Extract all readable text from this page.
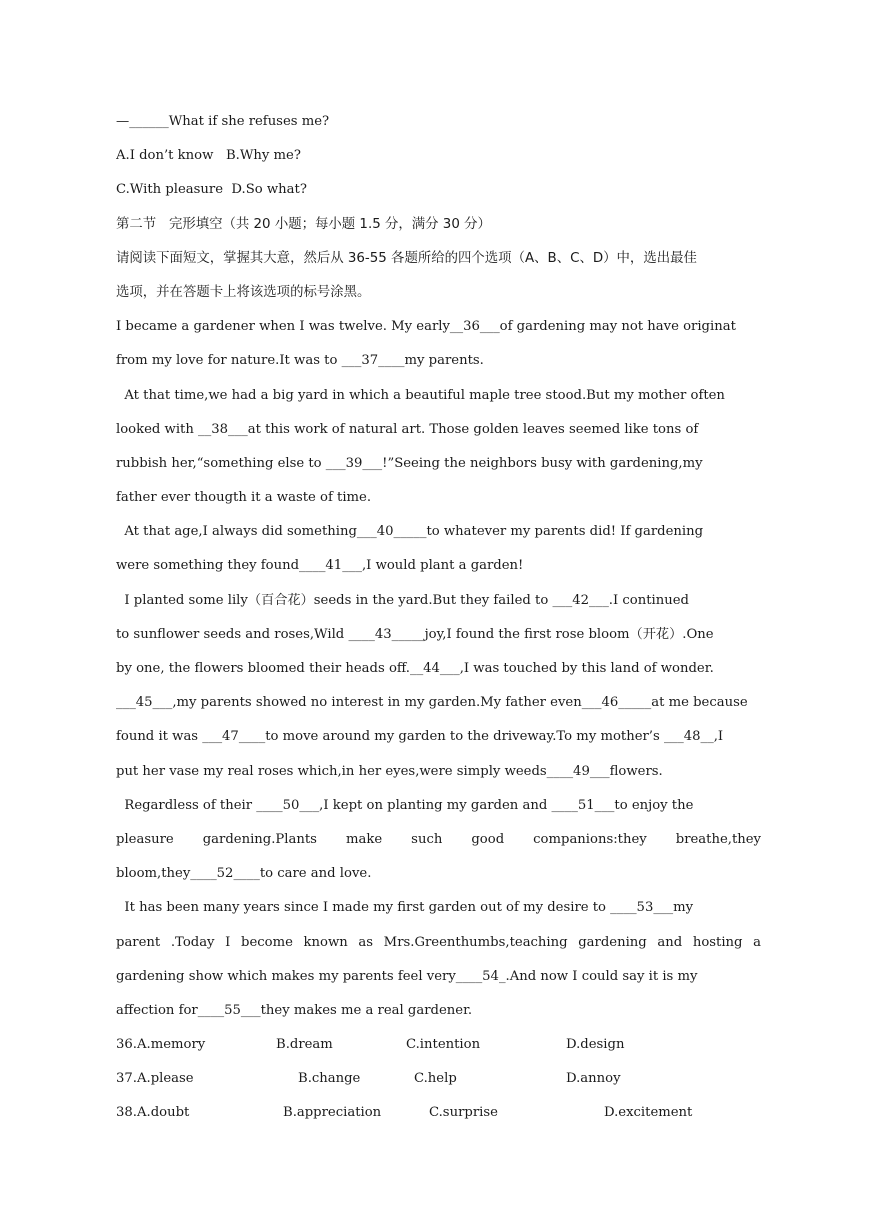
—______What if she refuses me?
A.I don’t know   B.Why me?
C.With pleasure  D.So what?
第二节   完形填空（共 20 小题；每小题 1.5 分，满分 30 分）
请阅读下面短文，掌握其大意，然后从 36-55 各题所给的四个选项（A、B、C、D）中，选出最佳
选项，并在答题卡上将该选项的标号涂黑。
I became a gardener when I was twelve. My early__36___of gardening may not have originat
from my love for nature.It was to ___37____my parents.
At that time,we had a big yard in which a beautiful maple tree stood.But my mother often
looked with __38___at this work of natural art. Those golden leaves seemed like tons of
rubbish her,“something else to ___39___!”Seeing the neighbors busy with gardening,my
father ever thougth it a waste of time.
At that age,I always did something___40_____to whatever my parents did! If gardening
were something they found____41___,I would plant a garden!
I planted some lily（百合花）seeds in the yard.But they failed to ___42___.I continued
to sunflower seeds and roses,Wild ____43_____joy,I found the first rose bloom（开花）.One
by one, the flowers bloomed their heads off.__44___,I was touched by this land of wonder.
___45___,my parents showed no interest in my garden.My father even___46_____at me because
found it was ___47____to move around my garden to the driveway.To my mother’s ___48__,I
put her vase my real roses which,in her eyes,were simply weeds____49___flowers.
Regardless of their ____50___,I kept on planting my garden and ____51___to enjoy the
pleasure gardening.Plants make such good companions:they breathe,they
bloom,they____52____to care and love.
It has been many years since I made my first garden out of my desire to ____53___my
parent .Today I become known as Mrs.Greenthumbs,teaching gardening and hosting a
gardening show which makes my parents feel very____54_.And now I could say it is my
affection for____55___they makes me a real gardener.

36.A.memory

	B.dream

	C.intention

	D.design

37.A.please

	B.change

	C.help

	D.annoy

38.A.doubt

	B.appreciation

	C.surprise

	D.excitement
